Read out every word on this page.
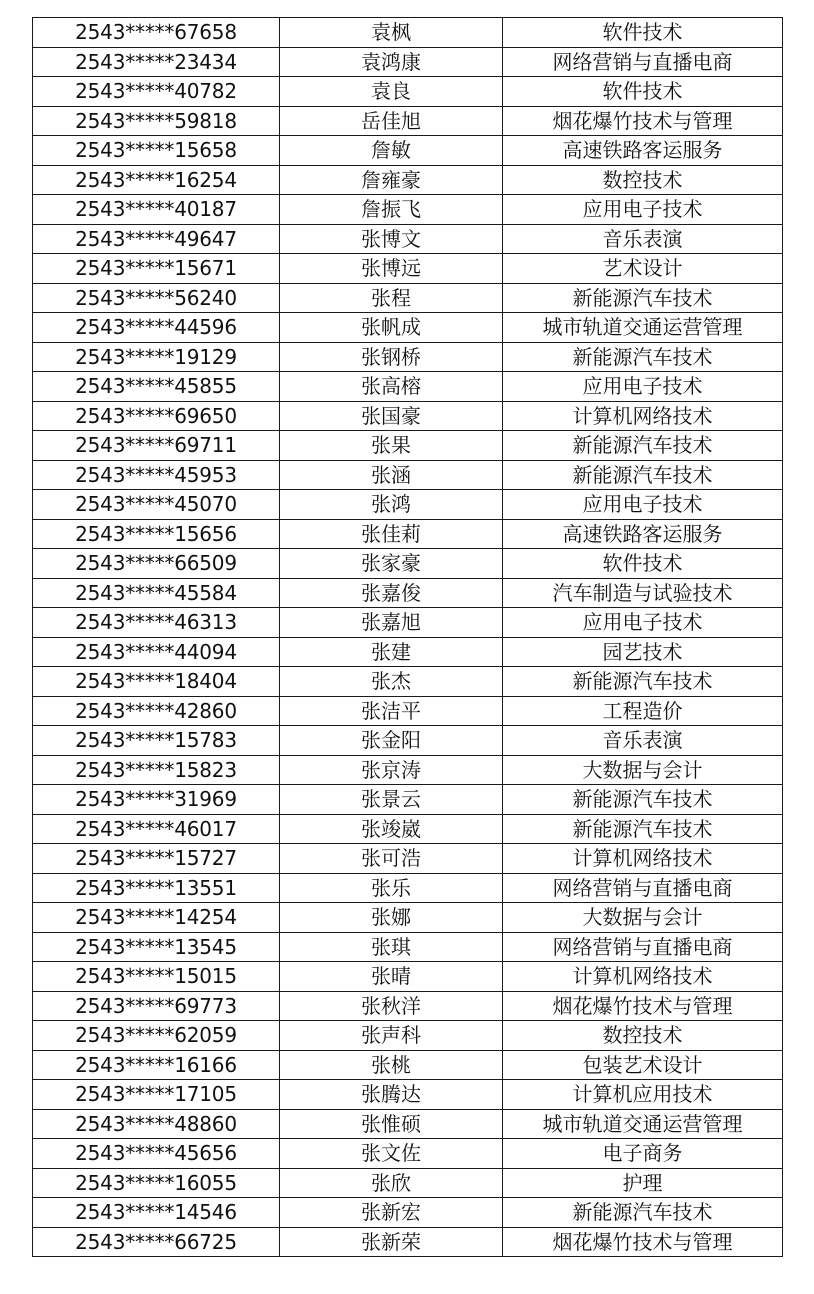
2543*****67658	袁枫	软件技术
2543*****23434	袁鸿康	网络营销与直播电商
2543*****40782	袁良	软件技术
2543*****59818	岳佳旭	烟花爆竹技术与管理
2543*****15658	詹敏	高速铁路客运服务
2543*****16254	詹雍豪	数控技术
2543*****40187	詹振飞	应用电子技术
2543*****49647	张博文	音乐表演
2543*****15671	张博远	艺术设计
2543*****56240	张程	新能源汽车技术
2543*****44596	张帆成	城市轨道交通运营管理
2543*****19129	张钢桥	新能源汽车技术
2543*****45855	张高榕	应用电子技术
2543*****69650	张国豪	计算机网络技术
2543*****69711	张果	新能源汽车技术
2543*****45953	张涵	新能源汽车技术
2543*****45070	张鸿	应用电子技术
2543*****15656	张佳莉	高速铁路客运服务
2543*****66509	张家豪	软件技术
2543*****45584	张嘉俊	汽车制造与试验技术
2543*****46313	张嘉旭	应用电子技术
2543*****44094	张建	园艺技术
2543*****18404	张杰	新能源汽车技术
2543*****42860	张洁平	工程造价
2543*****15783	张金阳	音乐表演
2543*****15823	张京涛	大数据与会计
2543*****31969	张景云	新能源汽车技术
2543*****46017	张竣崴	新能源汽车技术
2543*****15727	张可浩	计算机网络技术
2543*****13551	张乐	网络营销与直播电商
2543*****14254	张娜	大数据与会计
2543*****13545	张琪	网络营销与直播电商
2543*****15015	张晴	计算机网络技术
2543*****69773	张秋洋	烟花爆竹技术与管理
2543*****62059	张声科	数控技术
2543*****16166	张桃	包装艺术设计
2543*****17105	张腾达	计算机应用技术
2543*****48860	张惟硕	城市轨道交通运营管理
2543*****45656	张文佐	电子商务
2543*****16055	张欣	护理
2543*****14546	张新宏	新能源汽车技术
2543*****66725	张新荣	烟花爆竹技术与管理
